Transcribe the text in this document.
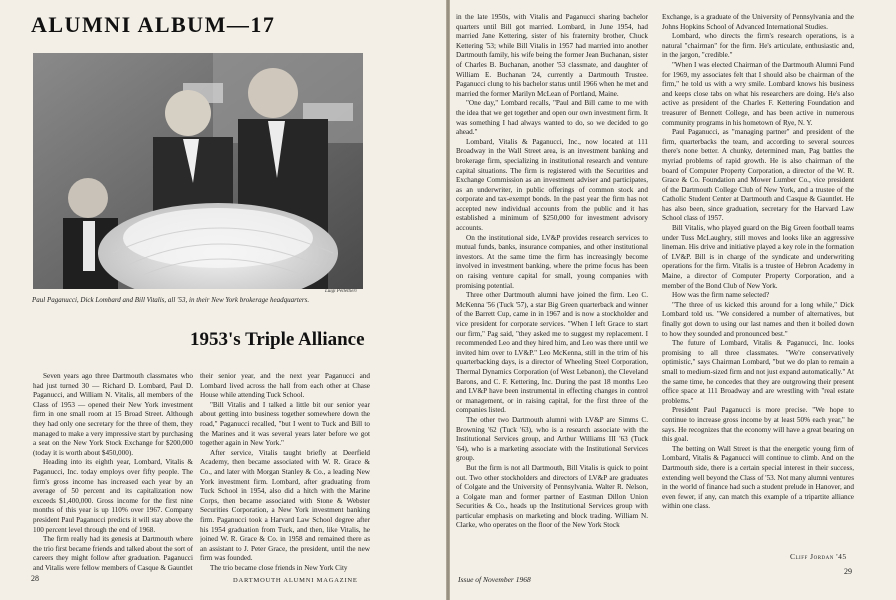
ALUMNI ALBUM—17
Luigi Pellettieri
Paul Paganucci, Dick Lombard and Bill Vitalis, all '53, in their New York brokerage headquarters.
1953's Triple Alliance

Seven years ago three Dartmouth classmates who had just turned 30 — Richard D. Lombard, Paul D. Paganucci, and William N. Vitalis, all members of the Class of 1953 — opened their New York investment firm in one small room at 15 Broad Street. Although they had only one secretary for the three of them, they managed to make a very impressive start by purchasing a seat on the New York Stock Exchange for $200,000 (today it is worth about $450,000).

Heading into its eighth year, Lombard, Vitalis & Paganucci, Inc. today employs over fifty people. The firm's gross income has increased each year by an average of 50 percent and its capitalization now exceeds $1,400,000. Gross income for the first nine months of this year is up 110% over 1967. Company president Paul Paganucci predicts it will stay above the 100 percent level through the end of 1968.

The firm really had its genesis at Dartmouth where the trio first became friends and talked about the sort of careers they might follow after graduation. Paganucci and Vitalis were fellow members of Casque & Gauntlet

their senior year, and the next year Paganucci and Lombard lived across the hall from each other at Chase House while attending Tuck School.

"Bill Vitalis and I talked a little bit our senior year about getting into business together somewhere down the road," Paganucci recalled, "but I went to Tuck and Bill to the Marines and it was several years later before we got together again in New York."

After service, Vitalis taught briefly at Deerfield Academy, then became associated with W. R. Grace & Co., and later with Morgan Stanley & Co., a leading New York investment firm. Lombard, after graduating from Tuck School in 1954, also did a hitch with the Marine Corps, then became associated with Stone & Webster Securities Corporation, a New York investment banking firm. Paganucci took a Harvard Law School degree after his 1954 graduation from Tuck, and then, like Vitalis, he joined W. R. Grace & Co. in 1958 and remained there as an assistant to J. Peter Grace, the president, until the new firm was founded.

The trio became close friends in New York City

28	DARTMOUTH ALUMNI MAGAZINE

in the late 1950s, with Vitalis and Paganucci sharing bachelor quarters until Bill got married. Lombard, in June 1954, had married Jane Kettering, sister of his fraternity brother, Chuck Kettering '53; while Bill Vitalis in 1957 had married into another Dartmouth family, his wife being the former Jean Buchanan, sister of Charles B. Buchanan, another '53 classmate, and daughter of William E. Buchanan '24, currently a Dartmouth Trustee. Paganucci clung to his bachelor status until 1966 when he met and married the former Marilyn McLean of Portland, Maine.

"One day," Lombard recalls, "Paul and Bill came to me with the idea that we get together and open our own investment firm. It was something I had always wanted to do, so we decided to go ahead."

Lombard, Vitalis & Paganucci, Inc., now located at 111 Broadway in the Wall Street area, is an investment banking and brokerage firm, specializing in institutional research and venture capital situations. The firm is registered with the Securities and Exchange Commission as an investment adviser and participates, as an underwriter, in public offerings of common stock and corporate and tax-exempt bonds. In the past year the firm has not accepted new individual accounts from the public and it has established a minimum of $250,000 for investment advisory accounts.

On the institutional side, LV&P provides research services to mutual funds, banks, insurance companies, and other institutional investors. At the same time the firm has increasingly become involved in investment banking, where the prime focus has been on raising venture capital for small, young companies with promising potential.

Three other Dartmouth alumni have joined the firm. Leo C. McKenna '56 (Tuck '57), a star Big Green quarterback and winner of the Barrett Cup, came in in 1967 and is now a stockholder and vice president for corporate services. "When I left Grace to start our firm," Pag said, "they asked me to suggest my replacement. I recommended Leo and they hired him, and Leo was there until we invited him over to LV&P." Leo McKenna, still in the trim of his quarterbacking days, is a director of Wheeling Steel Corporation, Thermal Dynamics Corporation (of West Lebanon), the Cleveland Barons, and C. F. Kettering, Inc. During the past 18 months Leo and LV&P have been instrumental in effecting changes in control or management, or in raising capital, for the first three of the companies listed.

The other two Dartmouth alumni with LV&P are Simms C. Browning '62 (Tuck '63), who is a research associate with the Institutional Services group, and Arthur Williams III '63 (Tuck '64), who is a marketing associate with the Institutional Services group.

But the firm is not all Dartmouth, Bill Vitalis is quick to point out. Two other stockholders and directors of LV&P are graduates of Colgate and the University of Pennsylvania. Walter R. Nelson, a Colgate man and former partner of Eastman Dillon Union Securities & Co., heads up the Institutional Services group with particular emphasis on marketing and block trading. William N. Clarke, who operates on the floor of the New York Stock

Exchange, is a graduate of the University of Pennsylvania and the Johns Hopkins School of Advanced International Studies.

Lombard, who directs the firm's research operations, is a natural "chairman" for the firm. He's articulate, enthusiastic and, in the jargon, "credible."

"When I was elected Chairman of the Dartmouth Alumni Fund for 1969, my associates felt that I should also be chairman of the firm," he told us with a wry smile. Lombard knows his business and keeps close tabs on what his researchers are doing. He's also active as president of the Charles F. Kettering Foundation and treasurer of Bennett College, and has been active in numerous community programs in his hometown of Rye, N. Y.

Paul Paganucci, as "managing partner" and president of the firm, quarterbacks the team, and according to several sources there's none better. A chunky, determined man, Pag battles the myriad problems of rapid growth. He is also chairman of the board of Computer Property Corporation, a director of the W. R. Grace & Co. Foundation and Mower Lumber Co., vice president of the Dartmouth College Club of New York, and a trustee of the Catholic Student Center at Dartmouth and Casque & Gauntlet. He has also been, since graduation, secretary for the Harvard Law School class of 1957.

Bill Vitalis, who played guard on the Big Green football teams under Tuss McLaughry, still moves and looks like an aggressive lineman. His drive and initiative played a key role in the formation of LV&P. Bill is in charge of the syndicate and underwriting operations for the firm. Vitalis is a trustee of Hebron Academy in Maine, a director of Computer Property Corporation, and a member of the Bond Club of New York.

How was the firm name selected?

"The three of us kicked this around for a long while," Dick Lombard told us. "We considered a number of alternatives, but finally got down to using our last names and then it boiled down to how they sounded and pronounced best."

The future of Lombard, Vitalis & Paganucci, Inc. looks promising to all three classmates. "We're conservatively optimistic," says Chairman Lombard, "but we do plan to remain a small to medium-sized firm and not just expand automatically." At the same time, he concedes that they are outgrowing their present office space at 111 Broadway and are wrestling with "real estate problems."

President Paul Paganucci is more precise. "We hope to continue to increase gross income by at least 50% each year," he says. He recognizes that the economy will have a great bearing on this goal.

The betting on Wall Street is that the energetic young firm of Lombard, Vitalis & Paganucci will continue to climb. And on the Dartmouth side, there is a certain special interest in their success, extending well beyond the Class of '53. Not many alumni ventures in the world of finance had such a student prelude in Hanover, and even fewer, if any, can match this example of a tripartite alliance within one class.

Cliff Jordan '45
Issue of November 1968
29
